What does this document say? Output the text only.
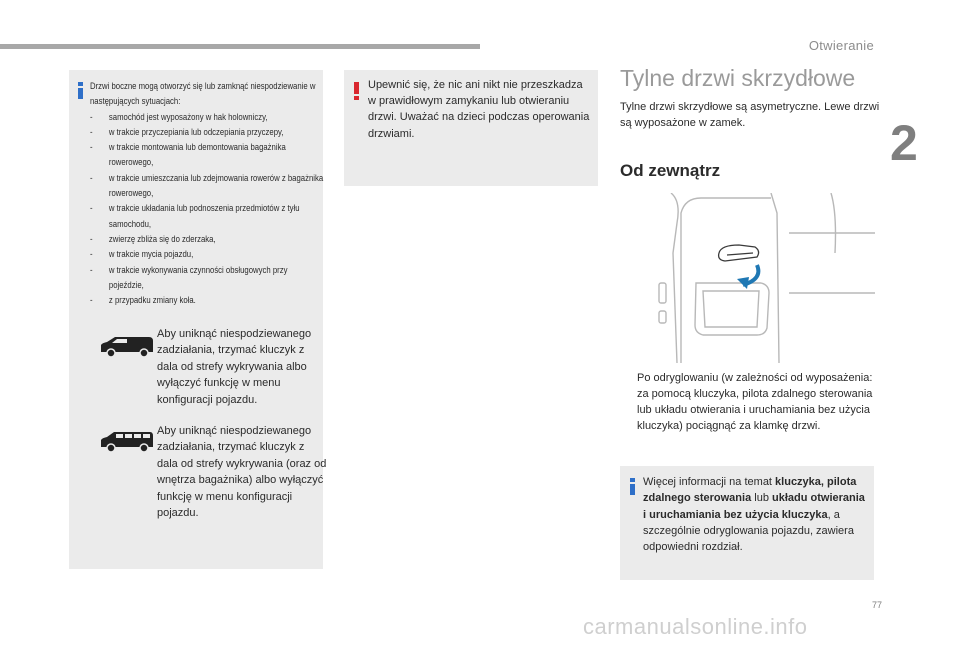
Otwieranie
2
Drzwi boczne mogą otworzyć się lub zamknąć niespodziewanie w następujących sytuacjach:
- samochód jest wyposażony w hak holowniczy,
- w trakcie przyczepiania lub odczepiania przyczepy,
- w trakcie montowania lub demontowania bagażnika rowerowego,
- w trakcie umieszczania lub zdejmowania rowerów z bagażnika rowerowego,
- w trakcie układania lub podnoszenia przedmiotów z tyłu samochodu,
- zwierzę zbliża się do zderzaka,
- w trakcie mycia pojazdu,
- w trakcie wykonywania czynności obsługowych przy pojeździe,
- z przypadku zmiany koła.
Aby uniknąć niespodziewanego zadziałania, trzymać kluczyk z dala od strefy wykrywania albo wyłączyć funkcję w menu konfiguracji pojazdu.
Aby uniknąć niespodziewanego zadziałania, trzymać kluczyk z dala od strefy wykrywania (oraz od wnętrza bagażnika) albo wyłączyć funkcję w menu konfiguracji pojazdu.
Upewnić się, że nic ani nikt nie przeszkadza w prawidłowym zamykaniu lub otwieraniu drzwi. Uważać na dzieci podczas operowania drzwiami.
Tylne drzwi skrzydłowe
Tylne drzwi skrzydłowe są asymetryczne. Lewe drzwi są wyposażone w zamek.
Od zewnątrz
Po odryglowaniu (w zależności od wyposażenia: za pomocą kluczyka, pilota zdalnego sterowania lub układu otwierania i uruchamiania bez użycia kluczyka) pociągnąć za klamkę drzwi.
Więcej informacji na temat kluczyka, pilota zdalnego sterowania lub układu otwierania i uruchamiania bez użycia kluczyka, a szczególnie odryglowania pojazdu, zawiera odpowiedni rozdział.
77
carmanualsonline.info
